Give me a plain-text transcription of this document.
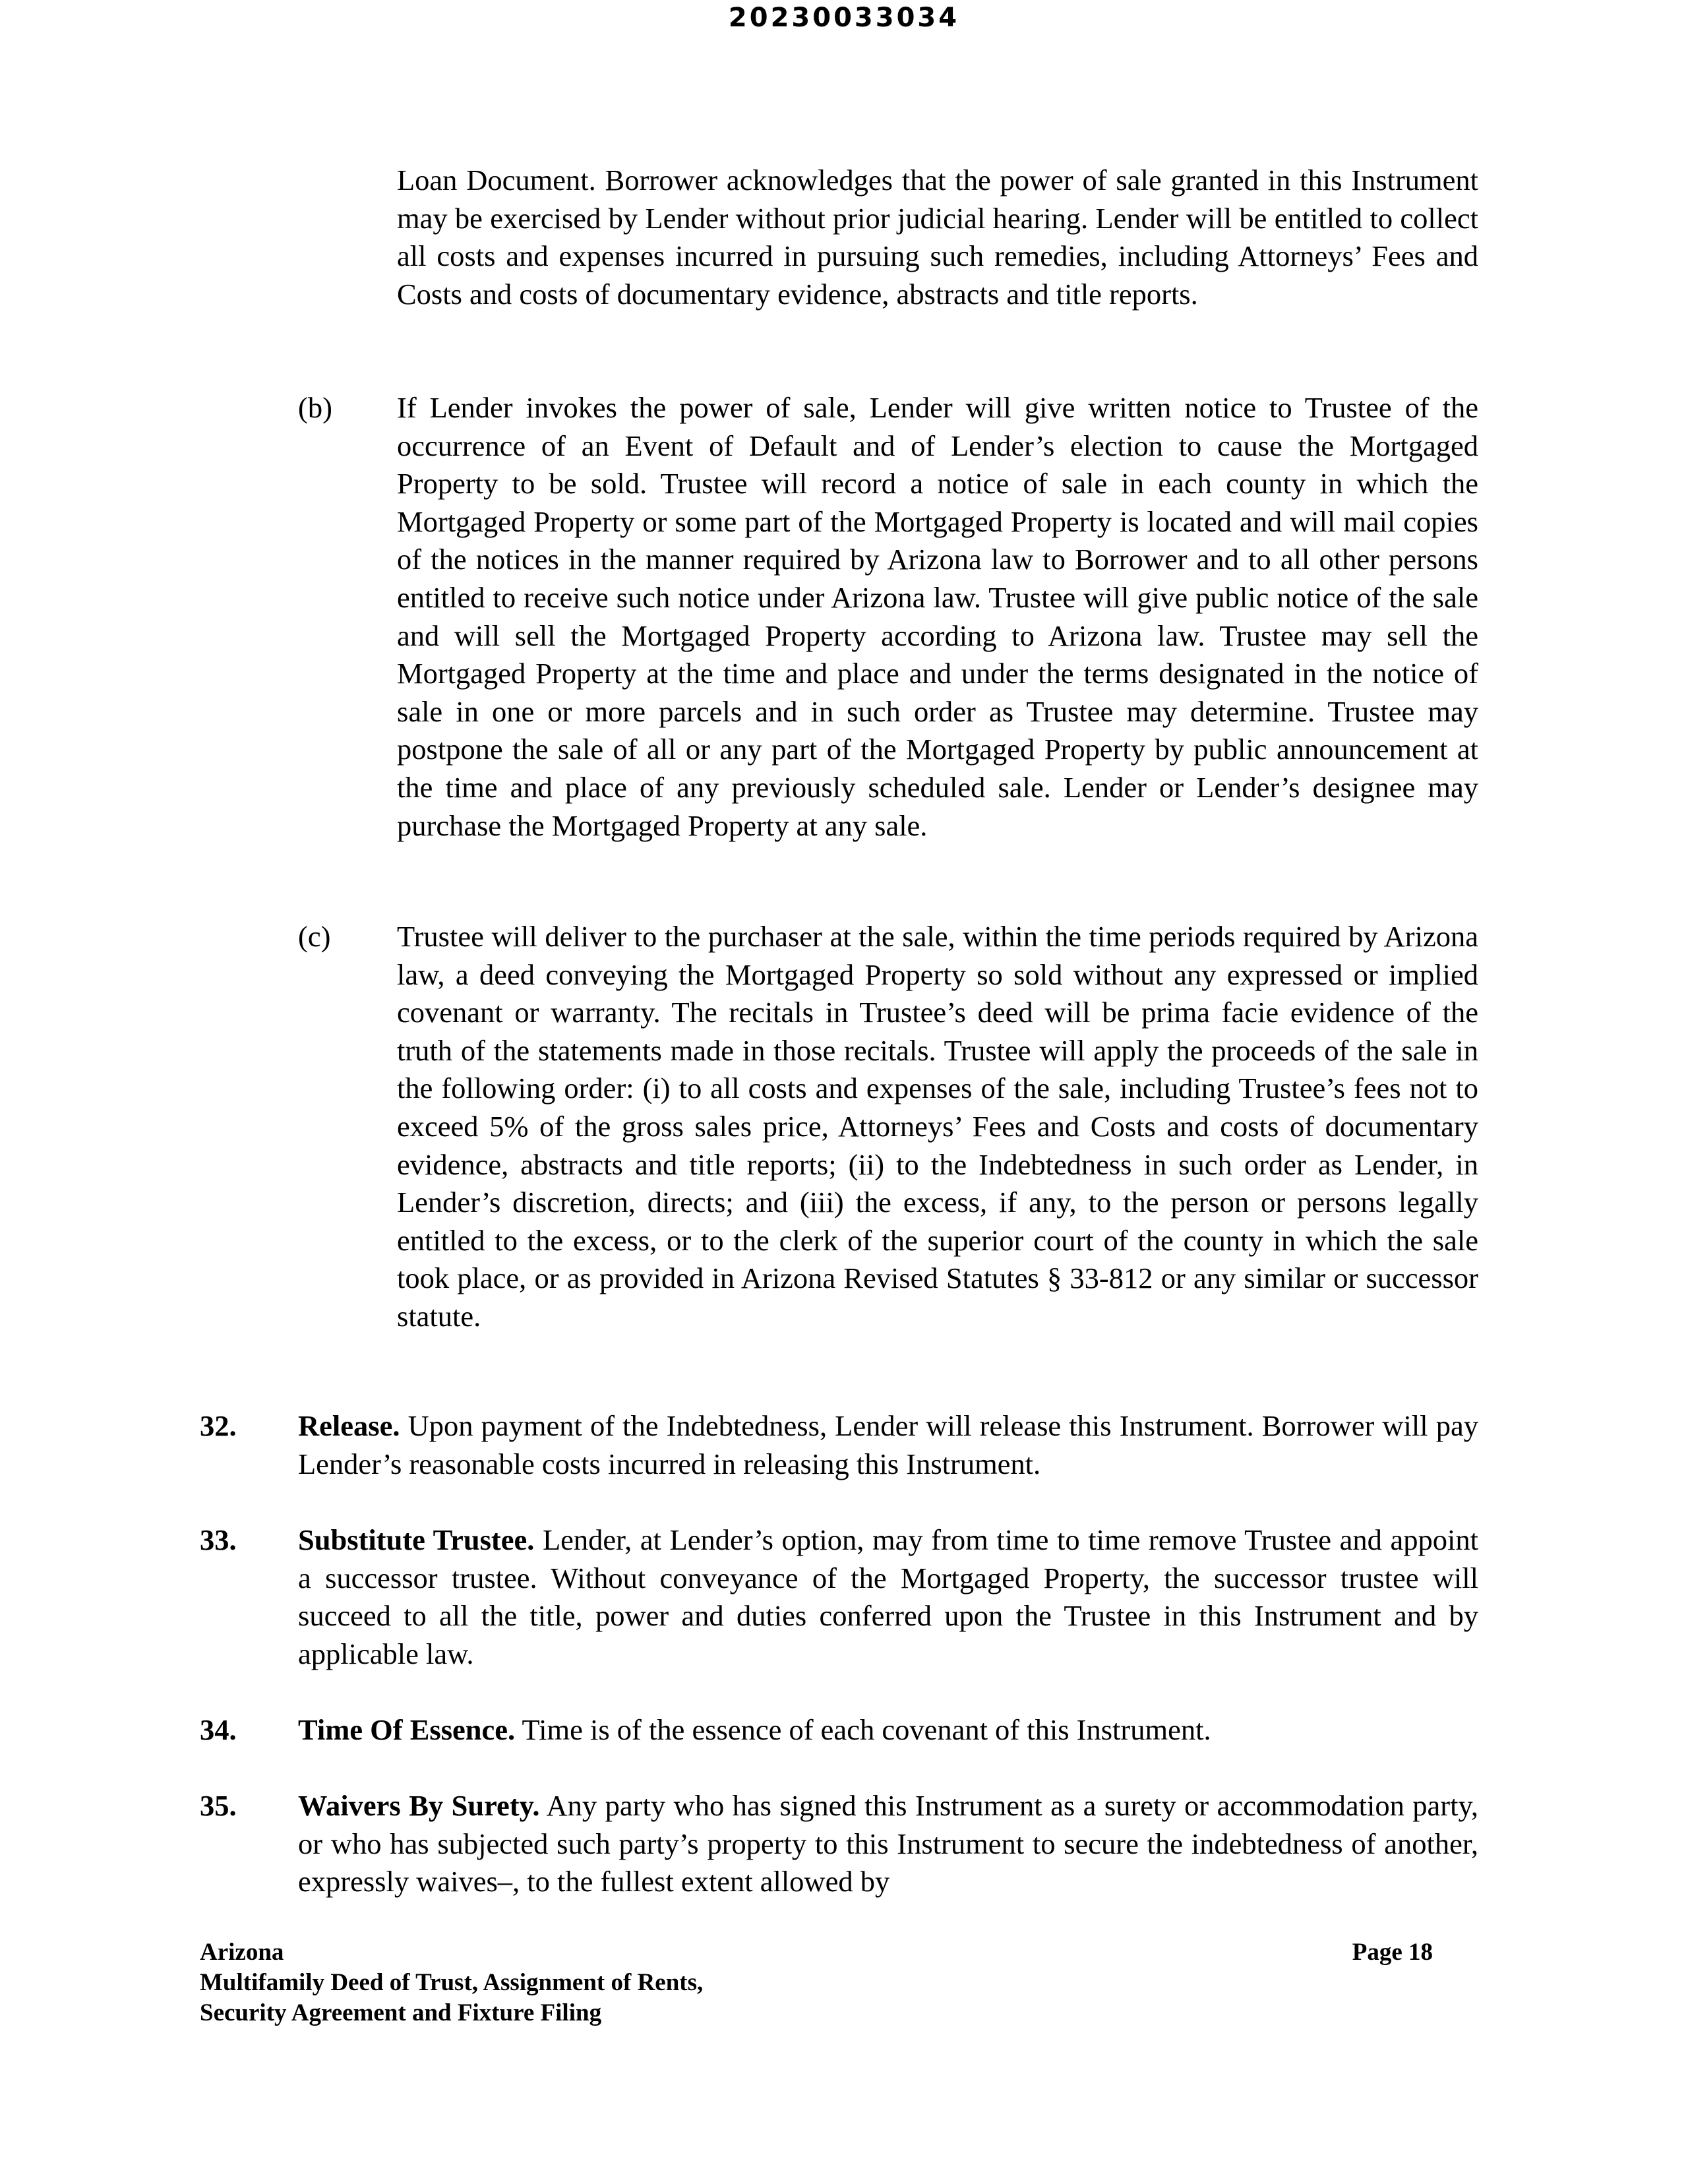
20230033034

Loan Document. Borrower acknowledges that the power of sale granted in this Instrument may be exercised by Lender without prior judicial hearing. Lender will be entitled to collect all costs and expenses incurred in pursuing such remedies, including Attorneys’ Fees and Costs and costs of documentary evidence, abstracts and title reports.

(b) If Lender invokes the power of sale, Lender will give written notice to Trustee of the occurrence of an Event of Default and of Lender’s election to cause the Mortgaged Property to be sold. Trustee will record a notice of sale in each county in which the Mortgaged Property or some part of the Mortgaged Property is located and will mail copies of the notices in the manner required by Arizona law to Borrower and to all other persons entitled to receive such notice under Arizona law. Trustee will give public notice of the sale and will sell the Mortgaged Property according to Arizona law. Trustee may sell the Mortgaged Property at the time and place and under the terms designated in the notice of sale in one or more parcels and in such order as Trustee may determine. Trustee may postpone the sale of all or any part of the Mortgaged Property by public announcement at the time and place of any previously scheduled sale. Lender or Lender’s designee may purchase the Mortgaged Property at any sale.

(c) Trustee will deliver to the purchaser at the sale, within the time periods required by Arizona law, a deed conveying the Mortgaged Property so sold without any expressed or implied covenant or warranty. The recitals in Trustee’s deed will be prima facie evidence of the truth of the statements made in those recitals. Trustee will apply the proceeds of the sale in the following order: (i) to all costs and expenses of the sale, including Trustee’s fees not to exceed 5% of the gross sales price, Attorneys’ Fees and Costs and costs of documentary evidence, abstracts and title reports; (ii) to the Indebtedness in such order as Lender, in Lender’s discretion, directs; and (iii) the excess, if any, to the person or persons legally entitled to the excess, or to the clerk of the superior court of the county in which the sale took place, or as provided in Arizona Revised Statutes § 33-812 or any similar or successor statute.

32. Release. Upon payment of the Indebtedness, Lender will release this Instrument. Borrower will pay Lender’s reasonable costs incurred in releasing this Instrument.

33. Substitute Trustee. Lender, at Lender’s option, may from time to time remove Trustee and appoint a successor trustee. Without conveyance of the Mortgaged Property, the successor trustee will succeed to all the title, power and duties conferred upon the Trustee in this Instrument and by applicable law.

34. Time Of Essence. Time is of the essence of each covenant of this Instrument.

35. Waivers By Surety. Any party who has signed this Instrument as a surety or accommodation party, or who has subjected such party’s property to this Instrument to secure the indebtedness of another, expressly waives–, to the fullest extent allowed by

Arizona
Multifamily Deed of Trust, Assignment of Rents,
Security Agreement and Fixture Filing
Page 18
